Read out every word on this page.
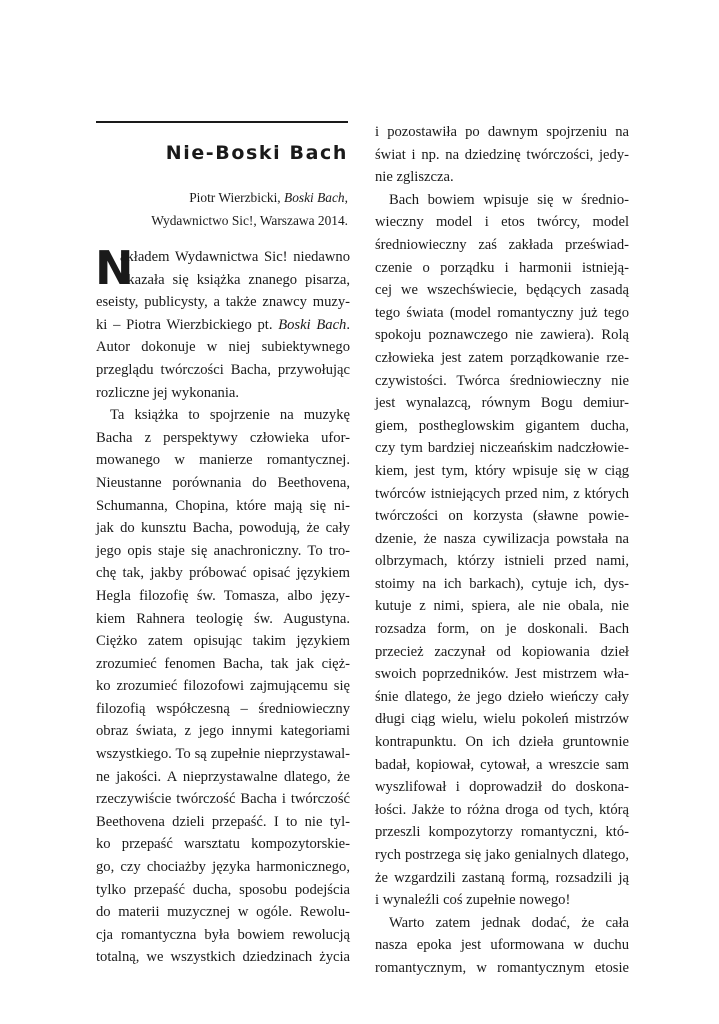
Nie-Boski Bach
Piotr Wierzbicki, Boski Bach,
Wydawnictwo Sic!, Warszawa 2014.
N
akładem Wydawnictwa Sic! niedawno
ukazała się książka znanego pisarza,
eseisty, publicysty, a także znawcy muzy-
ki – Piotra Wierzbickiego pt. Boski Bach.
Autor dokonuje w niej subiektywnego
przeglądu twórczości Bacha, przywołując
rozliczne jej wykonania.
Ta książka to spojrzenie na muzykę
Bacha z perspektywy człowieka ufor-
mowanego w manierze romantycznej.
Nieustanne porównania do Beethovena,
Schumanna, Chopina, które mają się ni-
jak do kunsztu Bacha, powodują, że cały
jego opis staje się anachroniczny. To tro-
chę tak, jakby próbować opisać językiem
Hegla filozofię św. Tomasza, albo języ-
kiem Rahnera teologię św. Augustyna.
Ciężko zatem opisując takim językiem
zrozumieć fenomen Bacha, tak jak cięż-
ko zrozumieć filozofowi zajmującemu się
filozofią współczesną – średniowieczny
obraz świata, z jego innymi kategoriami
wszystkiego. To są zupełnie nieprzystawal-
ne jakości. A nieprzystawalne dlatego, że
rzeczywiście twórczość Bacha i twórczość
Beethovena dzieli przepaść. I to nie tyl-
ko przepaść warsztatu kompozytorskie-
go, czy chociażby języka harmonicznego,
tylko przepaść ducha, sposobu podejścia
do materii muzycznej w ogóle. Rewolu-
cja romantyczna była bowiem rewolucją
totalną, we wszystkich dziedzinach życia
i pozostawiła po dawnym spojrzeniu na
świat i np. na dziedzinę twórczości, jedy-
nie zgliszcza.
Bach bowiem wpisuje się w średnio-
wieczny model i etos twórcy, model
średniowieczny zaś zakłada przeświad-
czenie o porządku i harmonii istnieją-
cej we wszechświecie, będących zasadą
tego świata (model romantyczny już tego
spokoju poznawczego nie zawiera). Rolą
człowieka jest zatem porządkowanie rze-
czywistości. Twórca średniowieczny nie
jest wynalazcą, równym Bogu demiur-
giem, postheglowskim gigantem ducha,
czy tym bardziej niczeańskim nadczłowie-
kiem, jest tym, który wpisuje się w ciąg
twórców istniejących przed nim, z których
twórczości on korzysta (sławne powie-
dzenie, że nasza cywilizacja powstała na
olbrzymach, którzy istnieli przed nami,
stoimy na ich barkach), cytuje ich, dys-
kutuje z nimi, spiera, ale nie obala, nie
rozsadza form, on je doskonali. Bach
przecież zaczynał od kopiowania dzieł
swoich poprzedników. Jest mistrzem wła-
śnie dlatego, że jego dzieło wieńczy cały
długi ciąg wielu, wielu pokoleń mistrzów
kontrapunktu. On ich dzieła gruntownie
badał, kopiował, cytował, a wreszcie sam
wyszlifował i doprowadził do doskona-
łości. Jakże to różna droga od tych, którą
przeszli kompozytorzy romantyczni, któ-
rych postrzega się jako genialnych dlatego,
że wzgardzili zastaną formą, rozsadzili ją
i wynaleźli coś zupełnie nowego!
Warto zatem jednak dodać, że cała
nasza epoka jest uformowana w duchu
romantycznym, w romantycznym etosie
